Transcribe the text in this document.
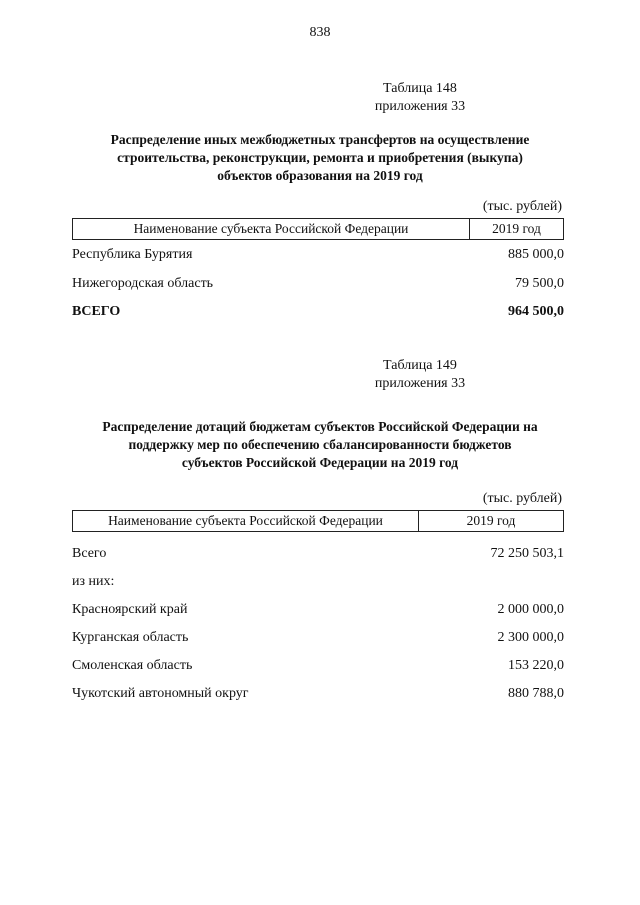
838
Таблица 148
приложения 33
Распределение иных межбюджетных трансфертов на осуществление
строительства, реконструкции, ремонта и приобретения (выкупа)
объектов образования на 2019 год
(тыс. рублей)
Наименование субъекта Российской Федерации	2019 год
Республика Бурятия	885 000,0
Нижегородская область	79 500,0
ВСЕГО	964 500,0
Таблица 149
приложения 33
Распределение дотаций бюджетам субъектов Российской Федерации на
поддержку мер по обеспечению сбалансированности бюджетов
субъектов Российской Федерации на 2019 год
(тыс. рублей)
Наименование субъекта Российской Федерации	2019 год
Всего	72 250 503,1
из них:
Красноярский край	2 000 000,0
Курганская область	2 300 000,0
Смоленская область	153 220,0
Чукотский автономный округ	880 788,0
